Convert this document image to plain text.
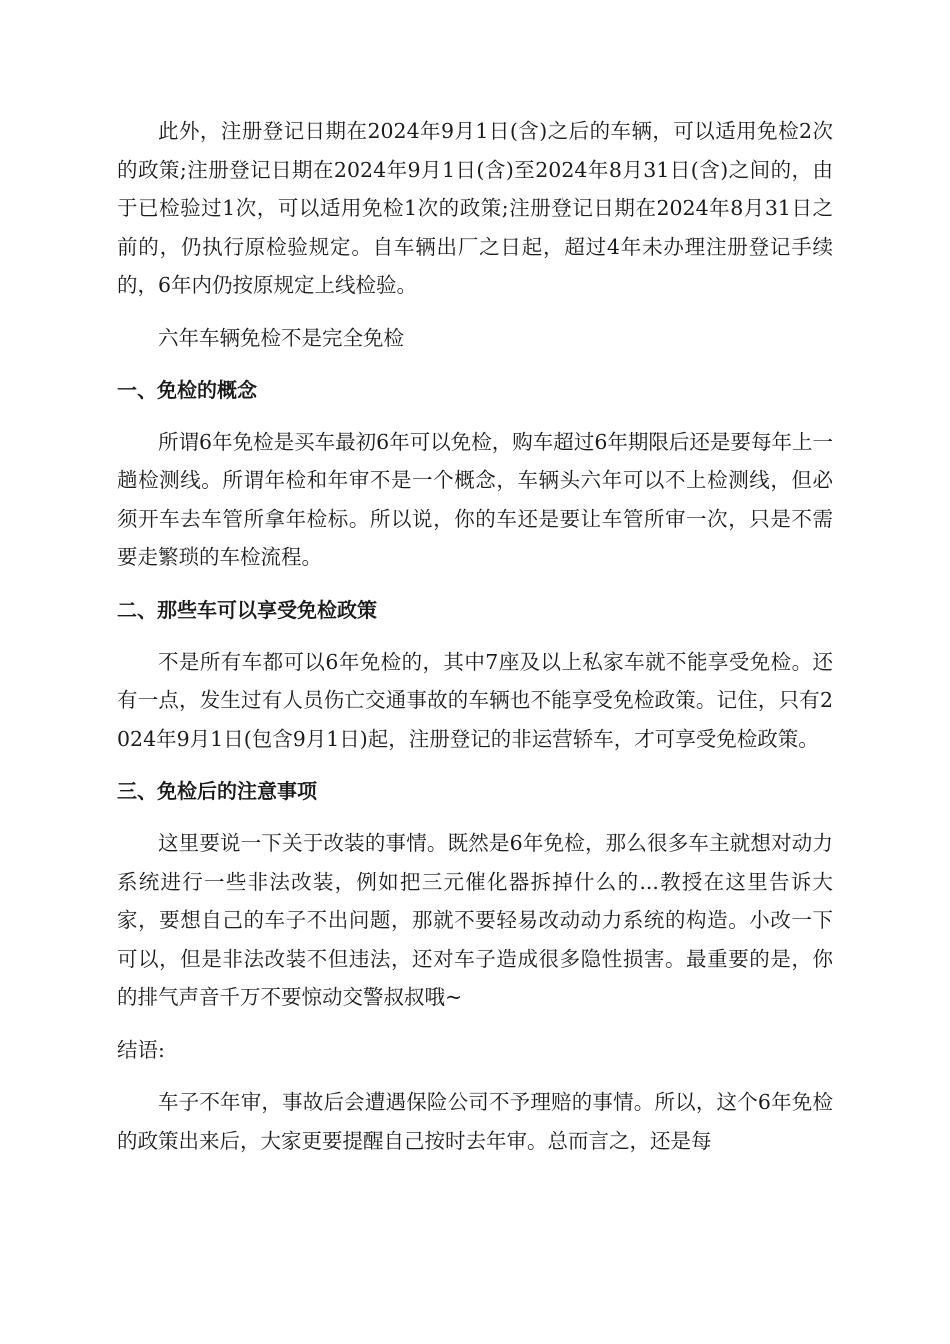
此外，注册登记日期在2024年9月1日(含)之后的车辆，可以适用免检2次的政策;注册登记日期在2024年9月1日(含)至2024年8月31日(含)之间的，由于已检验过1次，可以适用免检1次的政策;注册登记日期在2024年8月31日之前的，仍执行原检验规定。自车辆出厂之日起，超过4年未办理注册登记手续的，6年内仍按原规定上线检验。

六年车辆免检不是完全免检

一、免检的概念

所谓6年免检是买车最初6年可以免检，购车超过6年期限后还是要每年上一趟检测线。所谓年检和年审不是一个概念，车辆头六年可以不上检测线，但必须开车去车管所拿年检标。所以说，你的车还是要让车管所审一次，只是不需要走繁琐的车检流程。

二、那些车可以享受免检政策

不是所有车都可以6年免检的，其中7座及以上私家车就不能享受免检。还有一点，发生过有人员伤亡交通事故的车辆也不能享受免检政策。记住，只有2024年9月1日(包含9月1日)起，注册登记的非运营轿车，才可享受免检政策。

三、免检后的注意事项

这里要说一下关于改装的事情。既然是6年免检，那么很多车主就想对动力系统进行一些非法改装，例如把三元催化器拆掉什么的...教授在这里告诉大家，要想自己的车子不出问题，那就不要轻易改动动力系统的构造。小改一下可以，但是非法改装不但违法，还对车子造成很多隐性损害。最重要的是，你的排气声音千万不要惊动交警叔叔哦~

结语:

车子不年审，事故后会遭遇保险公司不予理赔的事情。所以，这个6年免检的政策出来后，大家更要提醒自己按时去年审。总而言之，还是每
